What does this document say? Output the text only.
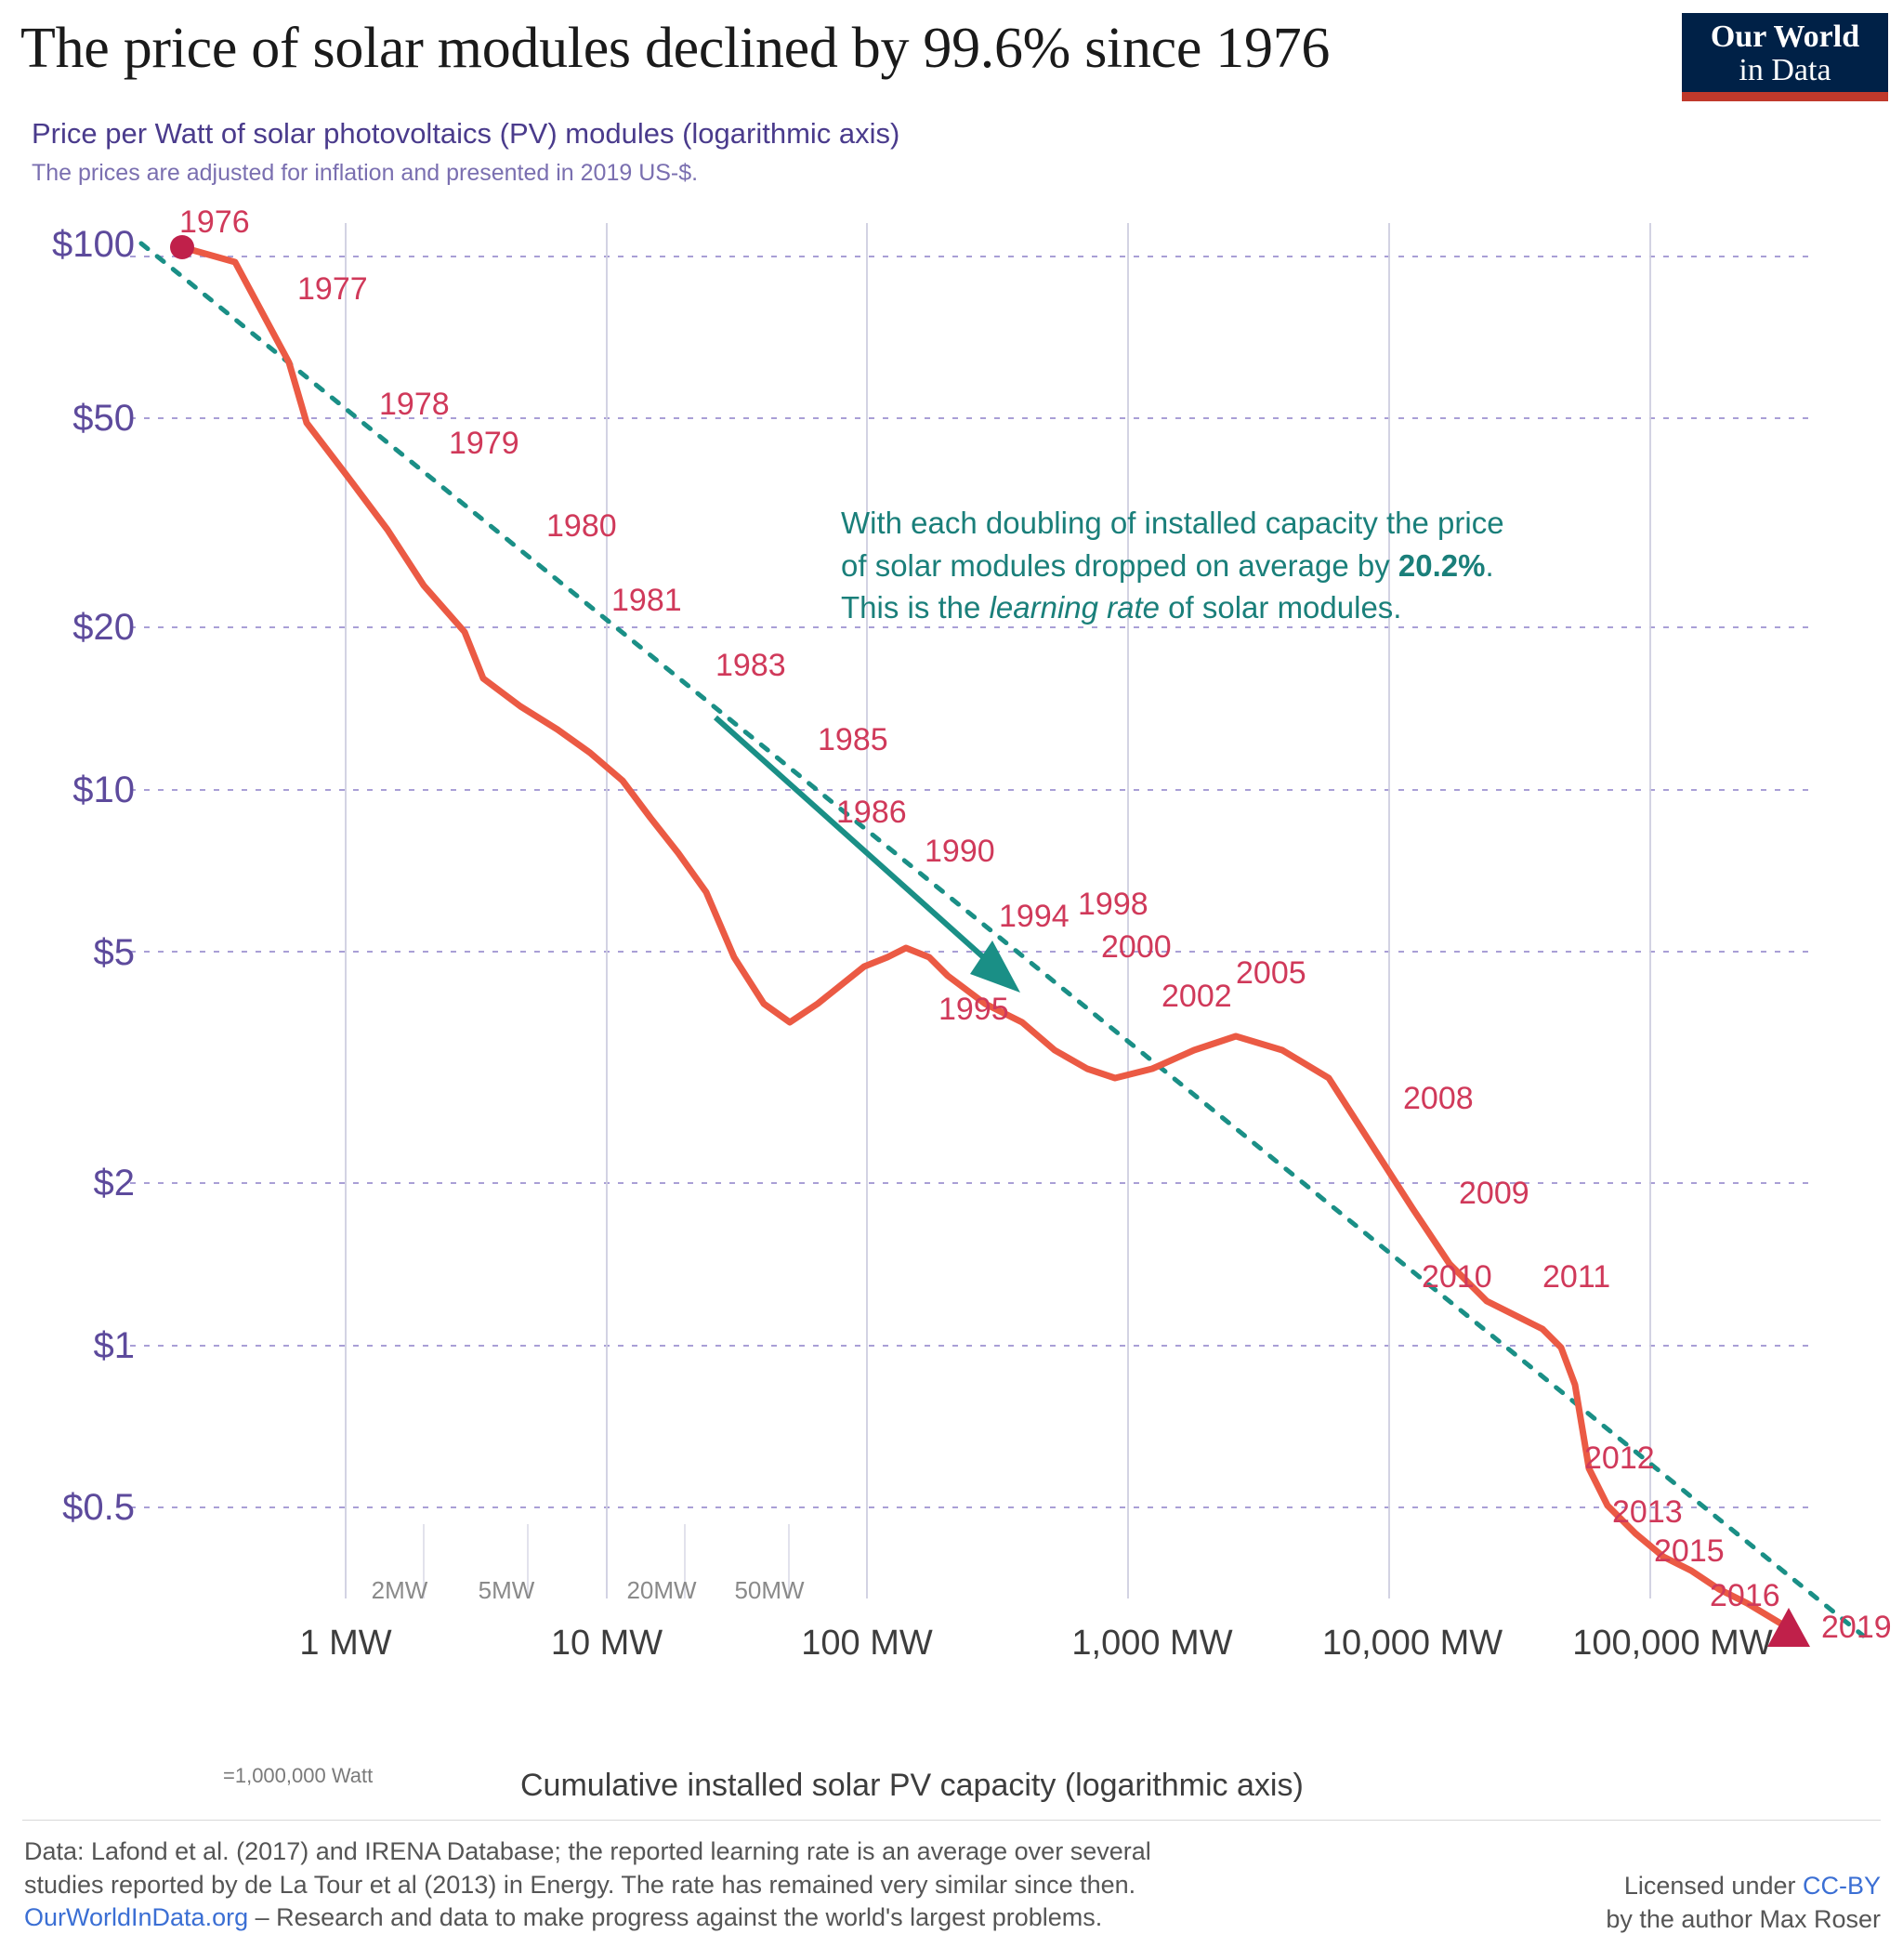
The price of solar modules declined by 99.6% since 1976	Our World
in Data
Price per Watt of solar photovoltaics (PV) modules (logarithmic axis)
The prices are adjusted for inflation and presented in 2019 US-$.
$100
$50
$20
$10
$5
$2
$1
$0.5
1976
1977
1978
1979
1980
1981
1983
1985
1986
1990
1994
1995
1998
2000
2002
2005
2008
2009
2010 2011
2012
2013
2015
2016
2019
2MW 5MW	20MW 50MW
1 MW	10 MW	100 MW	1,000 MW	10,000 MW 100,000 MW
With each doubling of installed capacity the price
of solar modules dropped on average by 20.2%.
This is the learning rate of solar modules.
=1,000,000 Watt	Cumulative installed solar PV capacity (logarithmic axis)
Data: Lafond et al. (2017) and IRENA Database; the reported learning rate is an average over several
studies reported by de La Tour et al (2013) in Energy. The rate has remained very similar since then.
OurWorldInData.org – Research and data to make progress against the world's largest problems.
Licensed under CC-BY
by the author Max Roser
